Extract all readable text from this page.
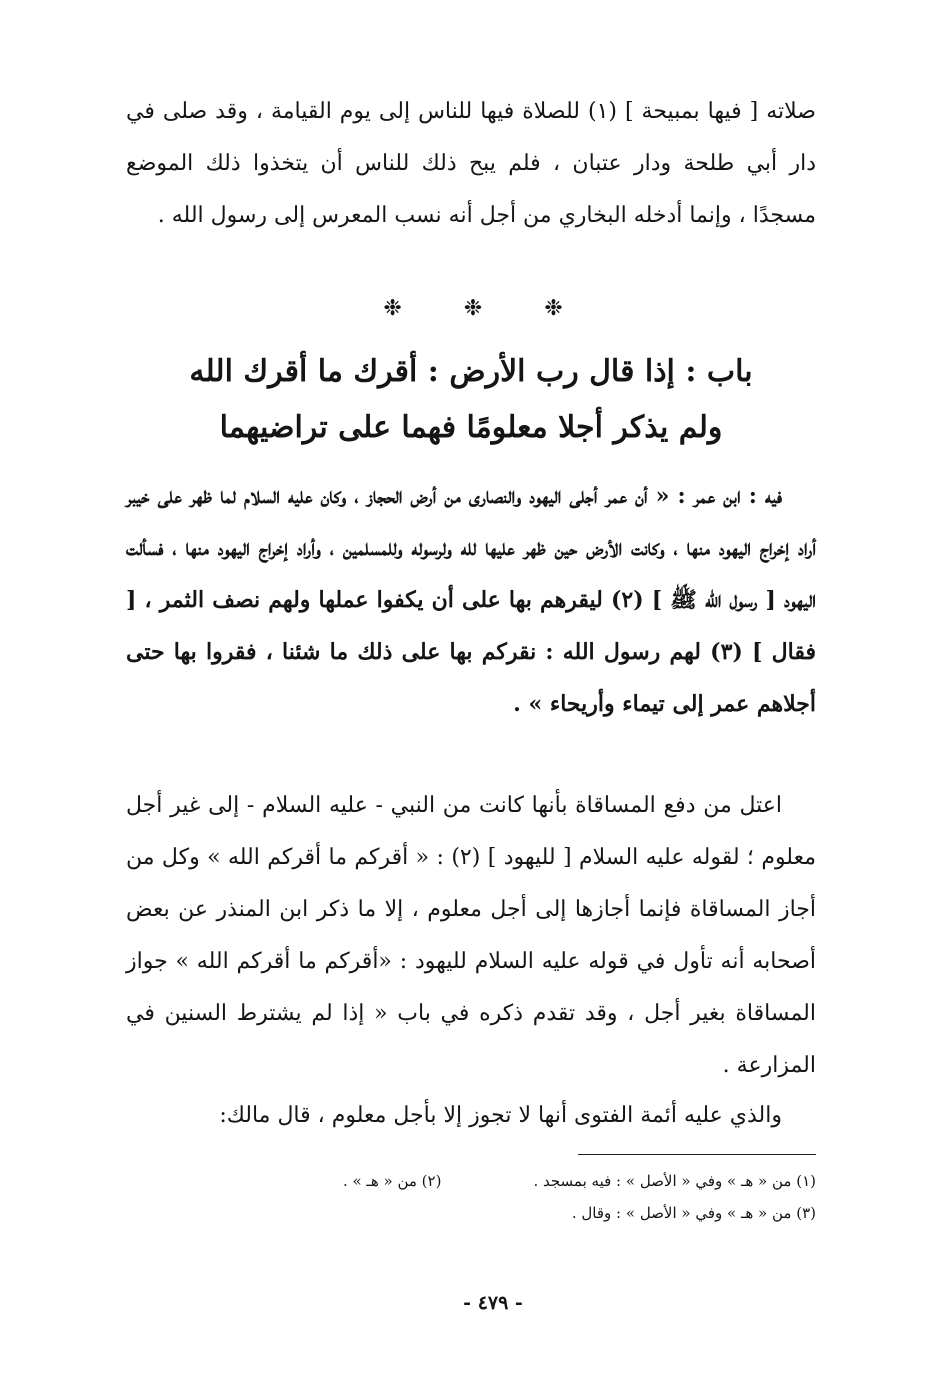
صلاته [ فيها بمبيحة ] (١) للصلاة فيها للناس إلى يوم القيامة ، وقد صلى في دار أبي طلحة ودار عتبان ، فلم يبح ذلك للناس أن يتخذوا ذلك الموضع مسجدًا ، وإنما أدخله البخاري من أجل أنه نسب المعرس إلى رسول الله .

❉	❉	❉
باب : إذا قال رب الأرض : أقرك ما أقرك الله
ولم يذكر أجلا معلومًا فهما على تراضيهما

فيه : ابن عمر : « أن عمر أجلى اليهود والنصارى من أرض الحجاز ، وكان عليه السلام لما ظهر على خيبر أراد إخراج اليهود منها ، وكانت الأرض حين ظهر عليها لله ولرسوله وللمسلمين ، وأراد إخراج اليهود منها ، فسألت اليهود [ رسول الله ﷺ ] (٢) ليقرهم بها على أن يكفوا عملها ولهم نصف الثمر ، [ فقال ] (٣) لهم رسول الله : نقركم بها على ذلك ما شئنا ، فقروا بها حتى أجلاهم عمر إلى تيماء وأريحاء » .

اعتل من دفع المساقاة بأنها كانت من النبي - عليه السلام - إلى غير أجل معلوم ؛ لقوله عليه السلام [ لليهود ] (٢) : « أقركم ما أقركم الله » وكل من أجاز المساقاة فإنما أجازها إلى أجل معلوم ، إلا ما ذكر ابن المنذر عن بعض أصحابه أنه تأول في قوله عليه السلام لليهود : «أقركم ما أقركم الله » جواز المساقاة بغير أجل ، وقد تقدم ذكره في باب « إذا لم يشترط السنين في المزارعة .

والذي عليه أئمة الفتوى أنها لا تجوز إلا بأجل معلوم ، قال مالك:

(١) من « هـ » وفي « الأصل » : فيه بمسجد .
(٢) من « هـ » .
(٣) من « هـ » وفي « الأصل » : وقال .
- ٤٧٩ -
